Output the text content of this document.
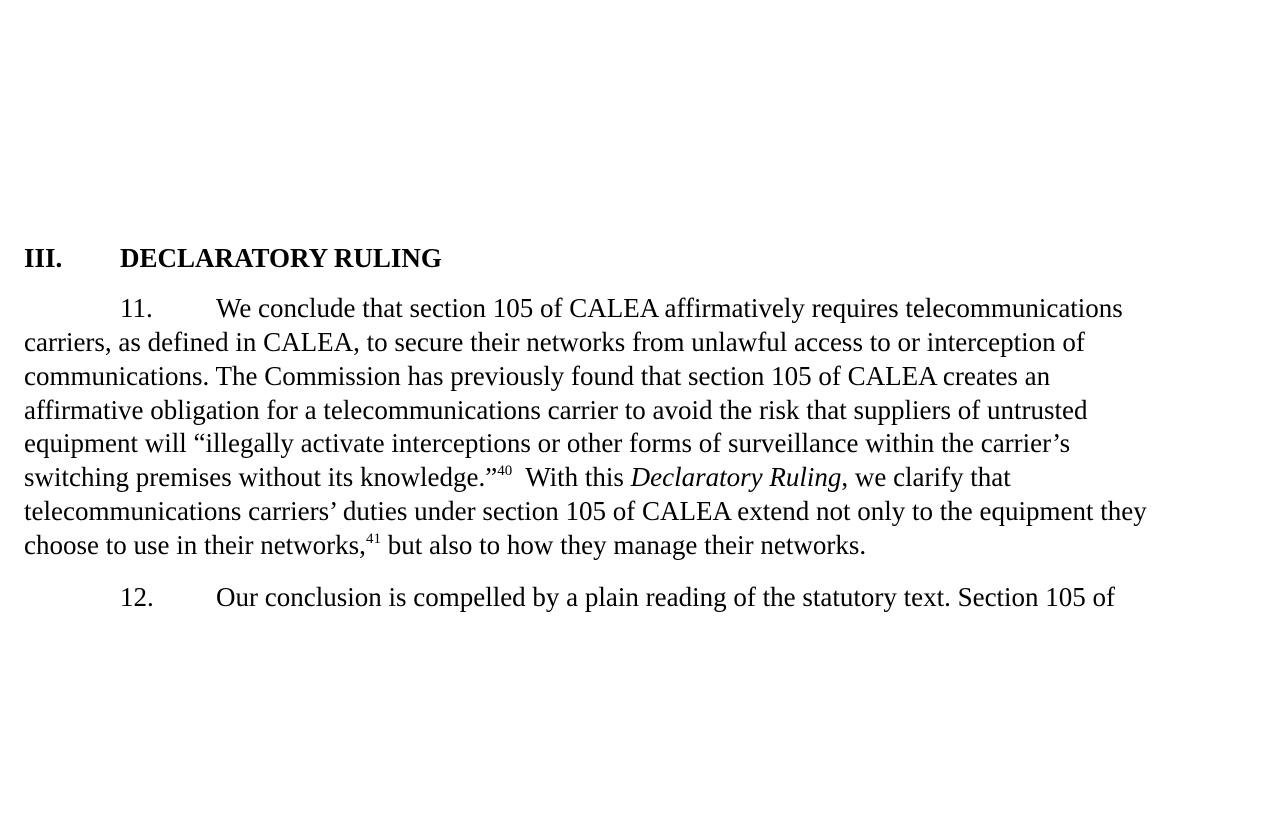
III. DECLARATORY RULING
11. We conclude that section 105 of CALEA affirmatively requires telecommunications
carriers, as defined in CALEA, to secure their networks from unlawful access to or interception of
communications. The Commission has previously found that section 105 of CALEA creates an
affirmative obligation for a telecommunications carrier to avoid the risk that suppliers of untrusted
equipment will “illegally activate interceptions or other forms of surveillance within the carrier’s
switching premises without its knowledge.”$^{40}$  With this Declaratory Ruling, we clarify that
telecommunications carriers’ duties under section 105 of CALEA extend not only to the equipment they
choose to use in their networks,$^{41}$ but also to how they manage their networks.
12. Our conclusion is compelled by a plain reading of the statutory text. Section 105 of
